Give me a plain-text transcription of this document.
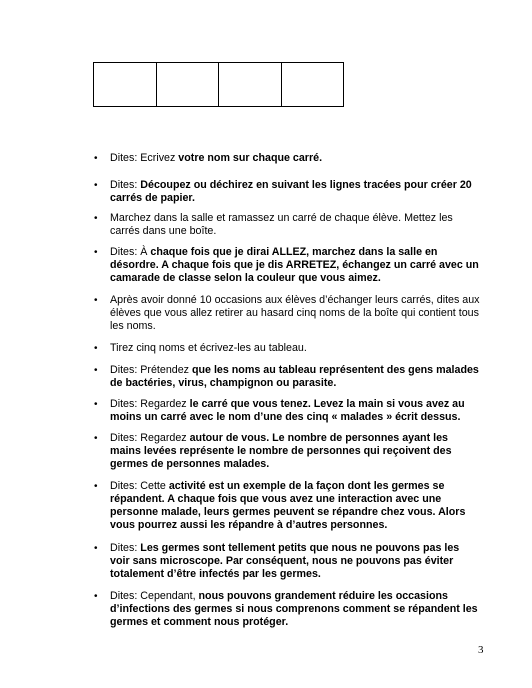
• Dites: Ecrivez votre nom sur chaque carré.
• Dites: Découpez ou déchirez en suivant les lignes tracées pour créer 20 carrés de papier.
• Marchez dans la salle et ramassez un carré de chaque élève. Mettez les carrés dans une boîte.
• Dites: À chaque fois que je dirai ALLEZ, marchez dans la salle en désordre. A chaque fois que je dis ARRETEZ, échangez un carré avec un camarade de classe selon la couleur que vous aimez.
• Après avoir donné 10 occasions aux élèves d’échanger leurs carrés, dites aux élèves que vous allez retirer au hasard cinq noms de la boîte qui contient tous les noms.
• Tirez cinq noms et écrivez-les au tableau.
• Dites: Prétendez que les noms au tableau représentent des gens malades de bactéries, virus, champignon ou parasite.
• Dites: Regardez le carré que vous tenez. Levez la main si vous avez au moins un carré avec le nom d’une des cinq « malades » écrit dessus.
• Dites: Regardez autour de vous. Le nombre de personnes ayant les mains levées représente le nombre de personnes qui reçoivent des germes de personnes malades.
• Dites: Cette activité est un exemple de la façon dont les germes se répandent. A chaque fois que vous avez une interaction avec une personne malade, leurs germes peuvent se répandre chez vous. Alors vous pourrez aussi les répandre à d’autres personnes.
• Dites: Les germes sont tellement petits que nous ne pouvons pas les voir sans microscope. Par conséquent, nous ne pouvons pas éviter totalement d’être infectés par les germes.
• Dites: Cependant, nous pouvons grandement réduire les occasions d’infections des germes si nous comprenons comment se répandent les germes et comment nous protéger.
3
